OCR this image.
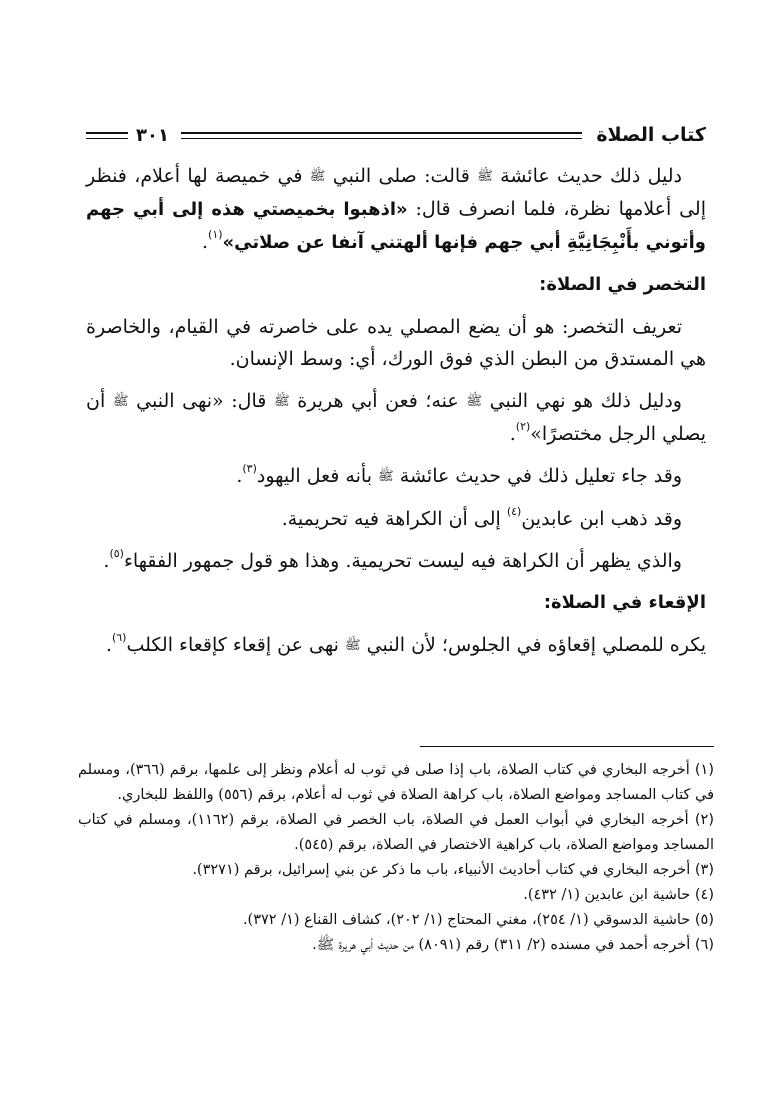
كتاب الصلاة
٣٠١

دليل ذلك حديث عائشة ﷺ قالت: صلى النبي ﷺ في خميصة لها أعلام، فنظر إلى أعلامها نظرة، فلما انصرف قال: «اذهبوا بخميصتي هذه إلى أبي جهم وأتوني بأَنْبِجَانِيَّةِ أبي جهم فإنها ألهتني آنفا عن صلاتي»$^{(١)}$.

التخصر في الصلاة:

تعريف التخصر: هو أن يضع المصلي يده على خاصرته في القيام، والخاصرة هي المستدق من البطن الذي فوق الورك، أي: وسط الإنسان.

ودليل ذلك هو نهي النبي ﷺ عنه؛ فعن أبي هريرة ﷺ قال: «نهى النبي ﷺ أن يصلي الرجل مختصرًا»$^{(٢)}$.

وقد جاء تعليل ذلك في حديث عائشة ﷺ بأنه فعل اليهود$^{(٣)}$.

وقد ذهب ابن عابدين$^{(٤)}$ إلى أن الكراهة فيه تحريمية.

والذي يظهر أن الكراهة فيه ليست تحريمية. وهذا هو قول جمهور الفقهاء$^{(٥)}$.

الإقعاء في الصلاة:

يكره للمصلي إقعاؤه في الجلوس؛ لأن النبي ﷺ نهى عن إقعاء كإقعاء الكلب$^{(٦)}$.

(١) أخرجه البخاري في كتاب الصلاة، باب إذا صلى في ثوب له أعلام ونظر إلى علمها، برقم (٣٦٦)، ومسلم في كتاب المساجد ومواضع الصلاة، باب كراهة الصلاة في ثوب له أعلام، برقم (٥٥٦) واللفظ للبخاري.

(٢) أخرجه البخاري في أبواب العمل في الصلاة، باب الخصر في الصلاة، برقم (١١٦٢)، ومسلم في كتاب المساجد ومواضع الصلاة، باب كراهية الاختصار في الصلاة، برقم (٥٤٥).

(٣) أخرجه البخاري في كتاب أحاديث الأنبياء، باب ما ذكر عن بني إسرائيل، برقم (٣٢٧١).

(٤) حاشية ابن عابدين (١/ ٤٣٢).

(٥) حاشية الدسوقي (١/ ٢٥٤)، مغني المحتاج (١/ ٢٠٢)، كشاف القناع (١/ ٣٧٢).

(٦) أخرجه أحمد في مسنده (٢/ ٣١١) رقم (٨٠٩١) من حديث أبي هريرة ﷺ.
